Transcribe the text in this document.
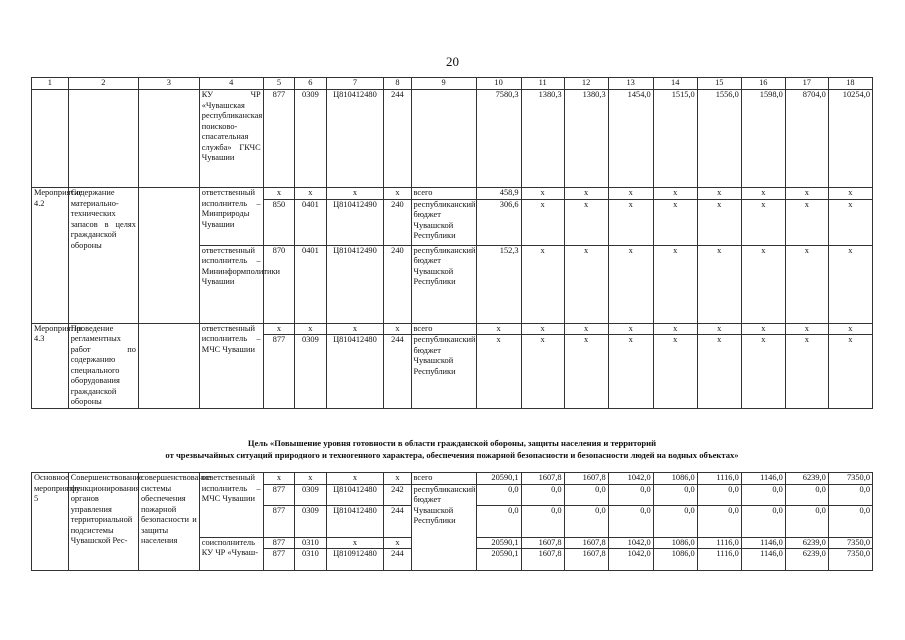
20
1	2	3	4	5	6	7	8	9	10	11	12	13	14	15	16	17	18
			КУ ЧР «Чувашская республиканская поисково-спасательная служба» ГКЧС Чувашии	877	0309	Ц810412480	244		7580,3	1380,3	1380,3	1454,0	1515,0	1556,0	1598,0	8704,0	10254,0
Мероприятие 4.2	Содержание материально-технических запасов в целях гражданской обороны		ответственный исполнитель – Минприроды Чувашии	x	x	x	x	всего	458,9	x	x	x	x	x	x	x	x
				850	0401	Ц810412490	240	республиканский бюджет Чувашской Республики	306,6	x	x	x	x	x	x	x	x
			ответственный исполнитель – Мининформполитики Чувашии	870	0401	Ц810412490	240	республиканский бюджет Чувашской Республики	152,3	x	x	x	x	x	x	x	x
Мероприятие 4.3	Проведение регламентных работ по содержанию специального оборудования гражданской обороны		ответственный исполнитель – МЧС Чувашии	x	x	x	x	всего	x	x	x	x	x	x	x	x	x
				877	0309	Ц810412480	244	республиканский бюджет Чувашской Республики	x	x	x	x	x	x	x	x	x
Цель «Повышение уровня готовности в области гражданской обороны, защиты населения и территорий
от чрезвычайных ситуаций природного и техногенного характера, обеспечения пожарной безопасности и безопасности людей на водных объектах»
Основное мероприятие 5	Совершенствование функционирования органов управления территориальной подсистемы Чувашской Рес-	совершенствование системы обеспечения пожарной безопасности и защиты населения	ответственный исполнитель – МЧС Чувашии	x	x	x	x	всего	20590,1	1607,8	1607,8	1042,0	1086,0	1116,0	1146,0	6239,0	7350,0
				877	0309	Ц810412480	242	республиканский бюджет Чувашской Республики	0,0	0,0	0,0	0,0	0,0	0,0	0,0	0,0	0,0
				877	0309	Ц810412480	244		0,0	0,0	0,0	0,0	0,0	0,0	0,0	0,0	0,0
			соисполнитель КУ ЧР «Чуваш-	877	0310	x	x		20590,1	1607,8	1607,8	1042,0	1086,0	1116,0	1146,0	6239,0	7350,0
				877	0310	Ц810912480	244		20590,1	1607,8	1607,8	1042,0	1086,0	1116,0	1146,0	6239,0	7350,0
